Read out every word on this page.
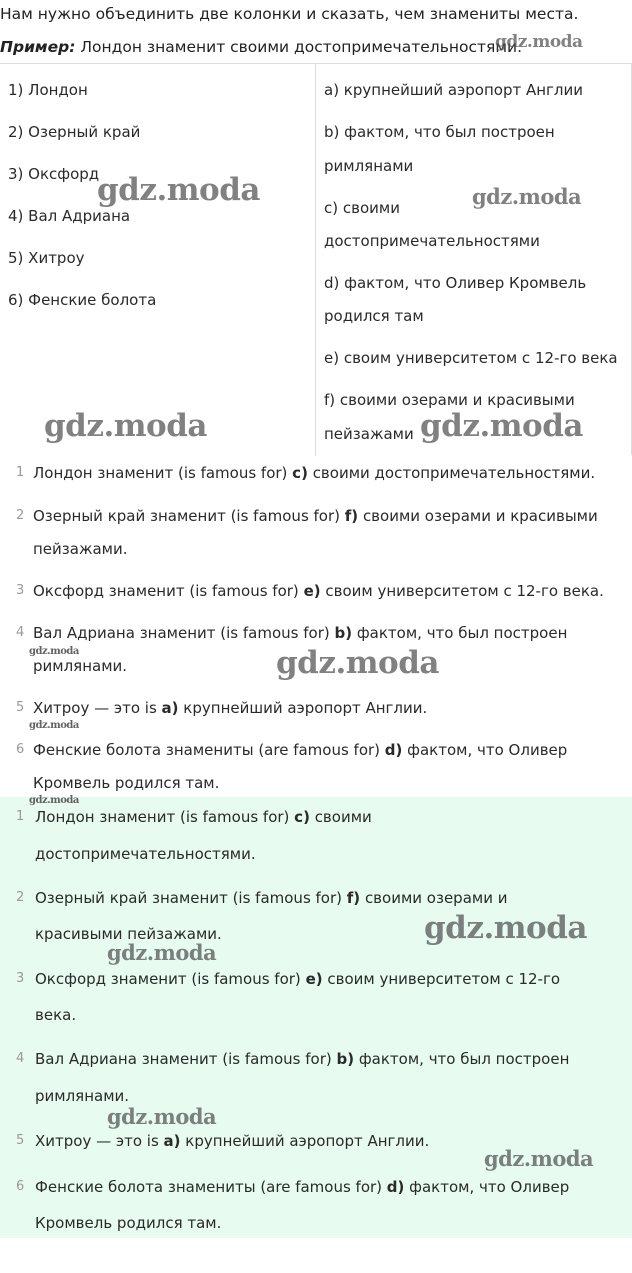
Нам нужно объединить две колонки и сказать, чем знамениты места.
Пример: Лондон знаменит своими достопримечательностями.
1) Лондон
2) Озерный край
3) Оксфорд
4) Вал Адриана
5) Хитроу
6) Фенские болота
a) крупнейший аэропорт Англии
b) фактом, что был построен
римлянами
c) своими
достопримечательностями
d) фактом, что Оливер Кромвель
родился там
e) своим университетом с 12-го века
f) своими озерами и красивыми
пейзажами
1 Лондон знаменит (is famous for) c) своими достопримечательностями.
2 Озерный край знаменит (is famous for) f) своими озерами и красивыми
пейзажами.
3 Оксфорд знаменит (is famous for) e) своим университетом с 12-го века.
4 Вал Адриана знаменит (is famous for) b) фактом, что был построен
римлянами.
5 Хитроу — это is a) крупнейший аэропорт Англии.
6 Фенские болота знамениты (are famous for) d) фактом, что Оливер
Кромвель родился там.
1 Лондон знаменит (is famous for) c) своими
достопримечательностями.
2 Озерный край знаменит (is famous for) f) своими озерами и
красивыми пейзажами.
3 Оксфорд знаменит (is famous for) e) своим университетом с 12-го
века.
4 Вал Адриана знаменит (is famous for) b) фактом, что был построен
римлянами.
5 Хитроу — это is a) крупнейший аэропорт Англии.
6 Фенские болота знамениты (are famous for) d) фактом, что Оливер
Кромвель родился там.
gdz.moda
gdz.moda	gdz.moda
gdz.moda	gdz.moda
gdz.moda	gdz.moda
gdz.moda
gdz.moda
gdz.moda
gdz.moda
gdz.moda
gdz.moda
